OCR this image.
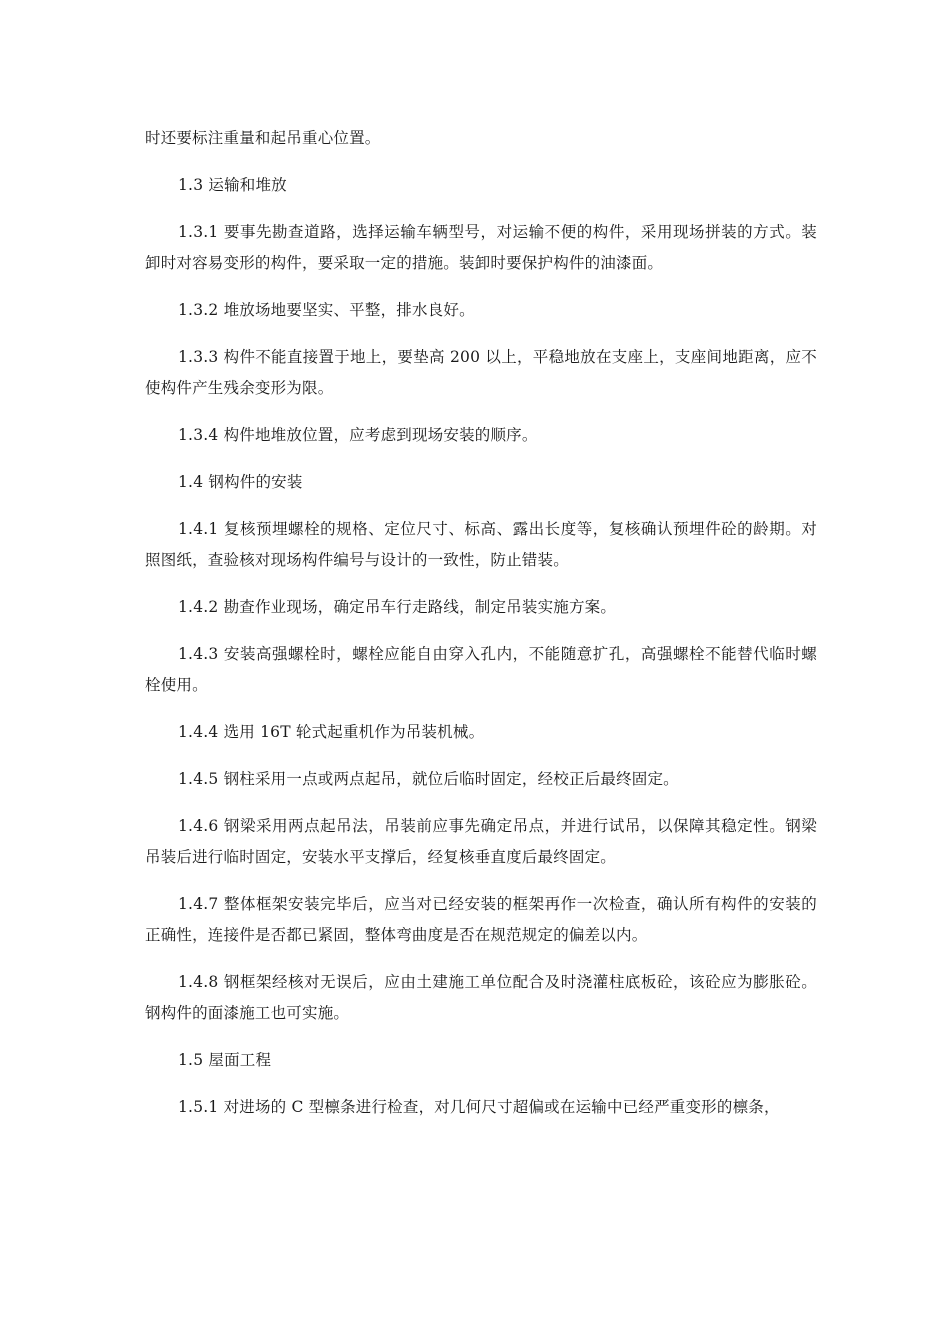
时还要标注重量和起吊重心位置。

1.3 运输和堆放

1.3.1 要事先勘查道路，选择运输车辆型号，对运输不便的构件，采用现场拼装的方式。装卸时对容易变形的构件，要采取一定的措施。装卸时要保护构件的油漆面。

1.3.2 堆放场地要坚实、平整，排水良好。

1.3.3 构件不能直接置于地上，要垫高 200 以上，平稳地放在支座上，支座间地距离，应不使构件产生残余变形为限。

1.3.4 构件地堆放位置，应考虑到现场安装的顺序。

1.4 钢构件的安装

1.4.1 复核预埋螺栓的规格、定位尺寸、标高、露出长度等，复核确认预埋件砼的龄期。对照图纸，查验核对现场构件编号与设计的一致性，防止错装。

1.4.2 勘查作业现场，确定吊车行走路线，制定吊装实施方案。

1.4.3 安装高强螺栓时，螺栓应能自由穿入孔内，不能随意扩孔，高强螺栓不能替代临时螺栓使用。

1.4.4 选用 16T 轮式起重机作为吊装机械。

1.4.5 钢柱采用一点或两点起吊，就位后临时固定，经校正后最终固定。

1.4.6 钢梁采用两点起吊法，吊装前应事先确定吊点，并进行试吊，以保障其稳定性。钢梁吊装后进行临时固定，安装水平支撑后，经复核垂直度后最终固定。

1.4.7 整体框架安装完毕后，应当对已经安装的框架再作一次检查，确认所有构件的安装的正确性，连接件是否都已紧固，整体弯曲度是否在规范规定的偏差以内。

1.4.8 钢框架经核对无误后，应由土建施工单位配合及时浇灌柱底板砼，该砼应为膨胀砼。钢构件的面漆施工也可实施。

1.5 屋面工程

1.5.1 对进场的 C 型檩条进行检查，对几何尺寸超偏或在运输中已经严重变形的檩条，
